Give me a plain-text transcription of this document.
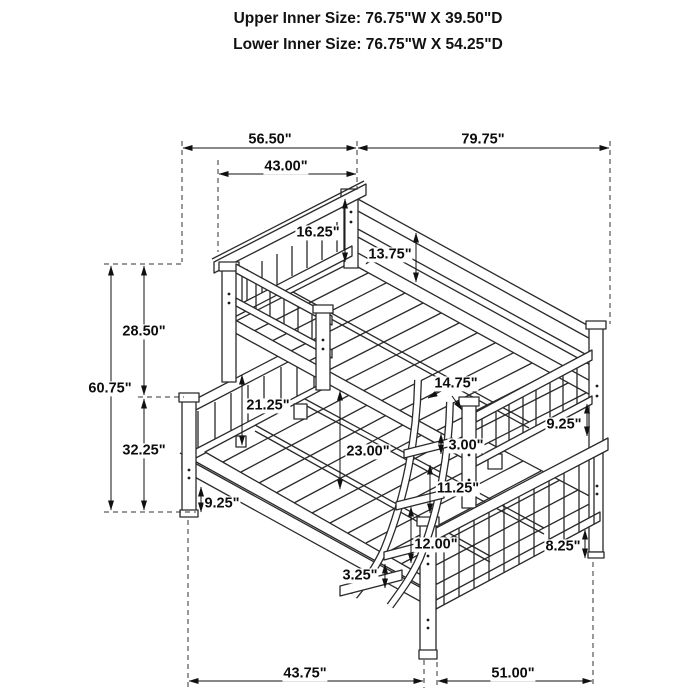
Upper Inner Size: 76.75"W X 39.50"D
Lower Inner Size: 76.75"W X 54.25"D
56.50"	79.75"
43.00"
28.50"
60.75"
32.25"
16.25"
13.75"
14.75"
21.25"
23.00"	3.00"
11.25"
9.25"
8.25"
12.00"
3.25"
9.25"
43.75"	51.00"
